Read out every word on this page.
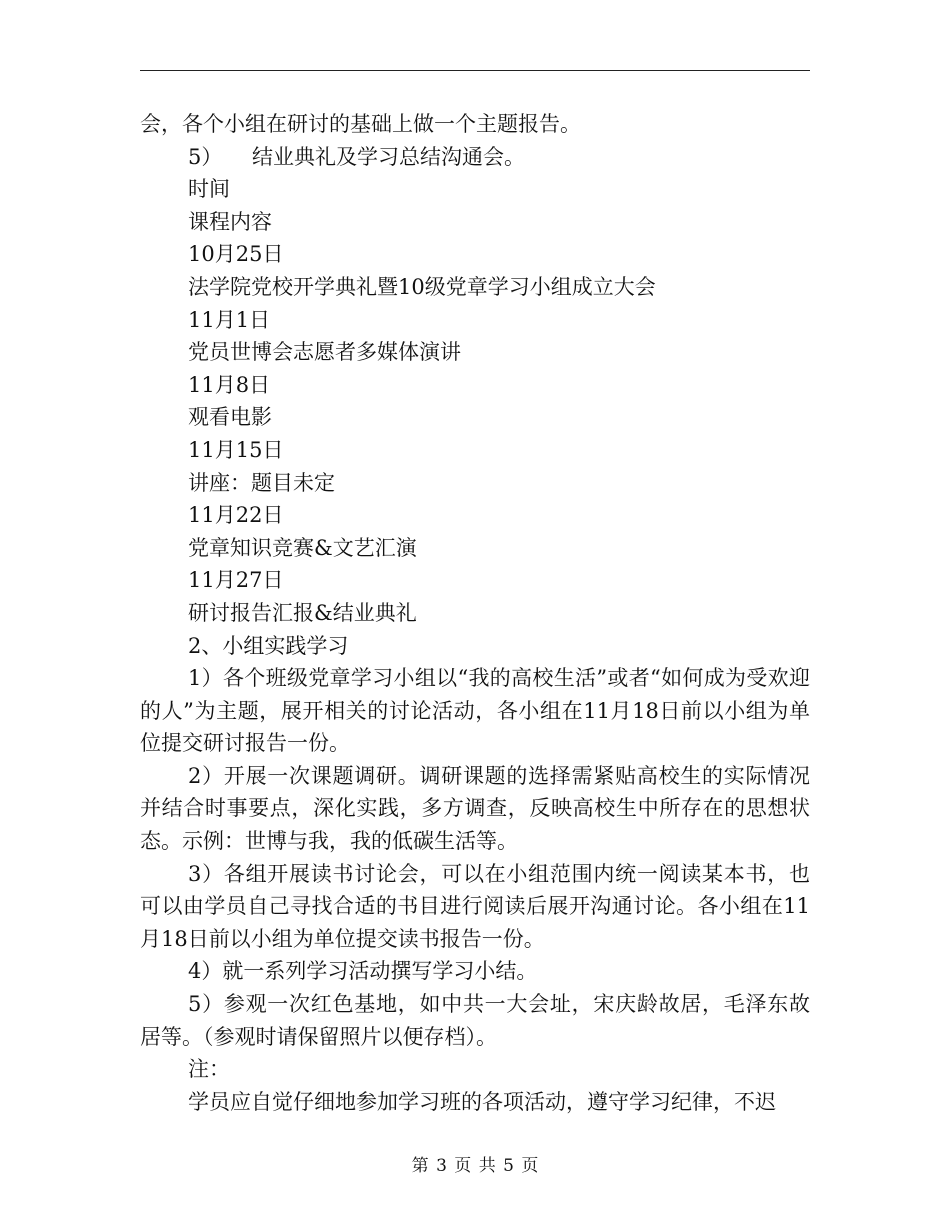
会，各个小组在研讨的基础上做一个主题报告。

5） 结业典礼及学习总结沟通会。

时间

课程内容

10月25日

法学院党校开学典礼暨10级党章学习小组成立大会

11月1日

党员世博会志愿者多媒体演讲

11月8日

观看电影

11月15日

讲座：题目未定

11月22日

党章知识竞赛&文艺汇演

11月27日

研讨报告汇报&结业典礼

2、小组实践学习

1）各个班级党章学习小组以“我的高校生活”或者“如何成为受欢迎的人”为主题，展开相关的讨论活动，各小组在11月18日前以小组为单位提交研讨报告一份。

2）开展一次课题调研。调研课题的选择需紧贴高校生的实际情况并结合时事要点，深化实践，多方调查，反映高校生中所存在的思想状态。示例：世博与我，我的低碳生活等。

3）各组开展读书讨论会，可以在小组范围内统一阅读某本书，也可以由学员自己寻找合适的书目进行阅读后展开沟通讨论。各小组在11月18日前以小组为单位提交读书报告一份。

4）就一系列学习活动撰写学习小结。

5）参观一次红色基地，如中共一大会址，宋庆龄故居，毛泽东故居等。（参观时请保留照片以便存档）。

注：

学员应自觉仔细地参加学习班的各项活动，遵守学习纪律，不迟

第 3 页 共 5 页
